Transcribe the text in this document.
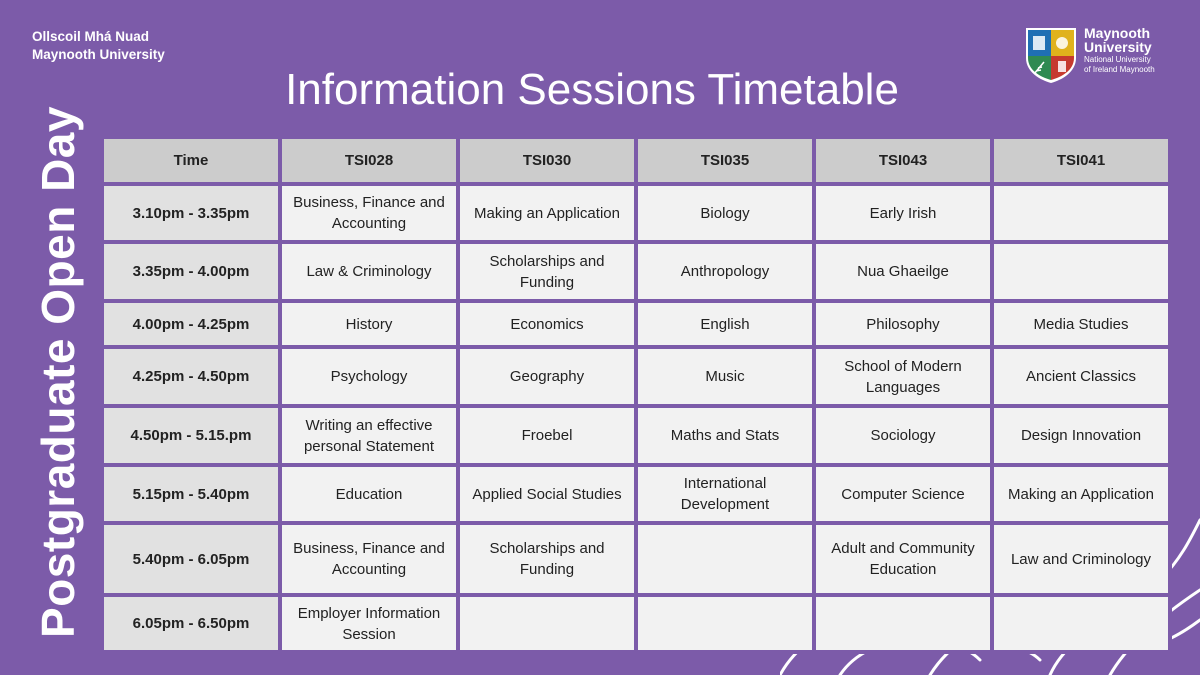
Ollscoil Mhá Nuad
Maynooth University
Postgraduate Open Day
Information Sessions Timetable
Maynooth
University
National University
of Ireland Maynooth
Time	TSI028	TSI030	TSI035	TSI043	TSI041
3.10pm - 3.35pm	Business, Finance and Accounting	Making an Application	Biology	Early Irish	
3.35pm - 4.00pm	Law & Criminology	Scholarships and Funding	Anthropology	Nua Ghaeilge	
4.00pm - 4.25pm	History	Economics	English	Philosophy	Media Studies
4.25pm - 4.50pm	Psychology	Geography	Music	School of Modern Languages	Ancient Classics
4.50pm - 5.15.pm	Writing an effective personal Statement	Froebel	Maths and Stats	Sociology	Design Innovation
5.15pm - 5.40pm	Education	Applied Social Studies	International Development	Computer Science	Making an Application
5.40pm - 6.05pm	Business, Finance and Accounting	Scholarships and Funding		Adult and Community Education	Law and Criminology
6.05pm - 6.50pm	Employer Information Session				
